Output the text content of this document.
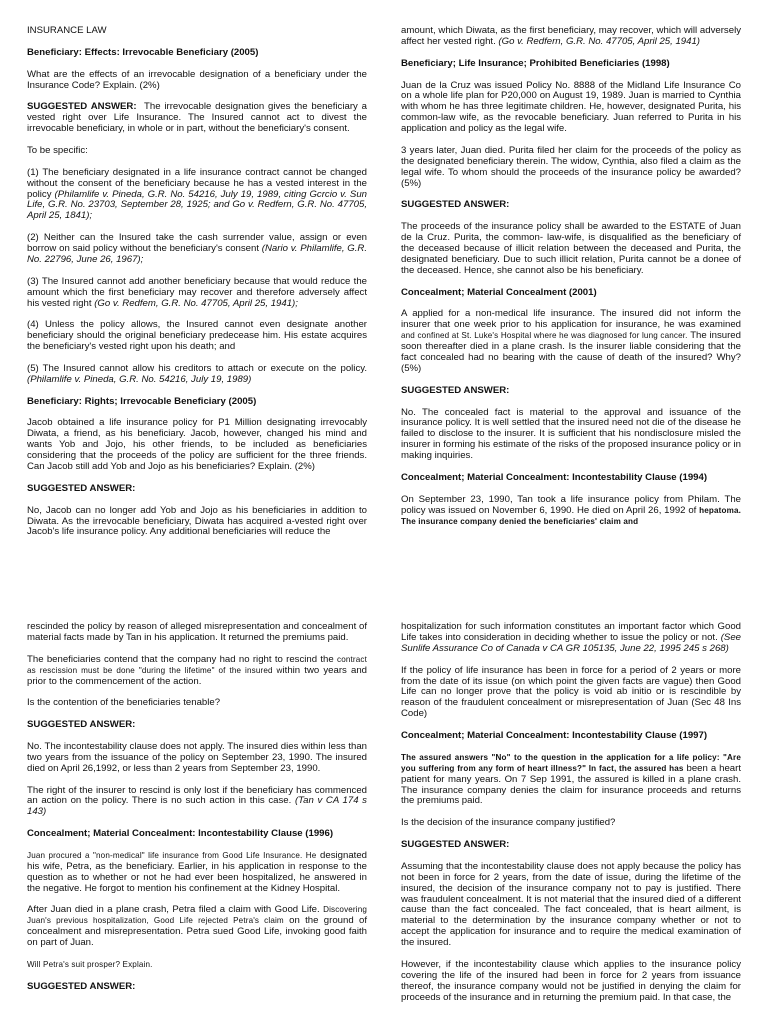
INSURANCE LAW

Beneficiary: Effects: Irrevocable Beneficiary (2005)

What are the effects of an irrevocable designation of a beneficiary under the Insurance Code? Explain. (2%)

SUGGESTED ANSWER: The irrevocable designation gives the beneficiary a vested right over Life Insurance. The Insured cannot act to divest the irrevocable beneficiary, in whole or in part, without the beneficiary's consent.

To be specific:

(1) The beneficiary designated in a life insurance contract cannot be changed without the consent of the beneficiary because he has a vested interest in the policy (Philamlife v. Pineda, G.R. No. 54216, July 19, 1989, citing Gcrcio v. Sun Life, G.R. No. 23703, September 28, 1925; and Go v. Redfern, G.R. No. 47705, April 25, 1841);

(2) Neither can the Insured take the cash surrender value, assign or even borrow on said policy without the beneficiary's consent (Nario v. Philamlife, G.R. No. 22796, June 26, 1967);

(3) The Insured cannot add another beneficiary because that would reduce the amount which the first beneficiary may recover and therefore adversely affect his vested right (Go v. Redfem, G.R. No. 47705, April 25, 1941);

(4) Unless the policy allows, the Insured cannot even designate another beneficiary should the original beneficiary predecease him. His estate acquires the beneficiary's vested right upon his death; and

(5) The Insured cannot allow his creditors to attach or execute on the policy. (Philamlife v. Pineda, G.R. No. 54216, July 19, 1989)

Beneficiary: Rights; Irrevocable Beneficiary (2005)

Jacob obtained a life insurance policy for P1 Million designating irrevocably Diwata, a friend, as his beneficiary. Jacob, however, changed his mind and wants Yob and Jojo, his other friends, to be included as beneficiaries considering that the proceeds of the policy are sufficient for the three friends. Can Jacob still add Yob and Jojo as his beneficiaries? Explain. (2%)

SUGGESTED ANSWER:

No, Jacob can no longer add Yob and Jojo as his beneficiaries in addition to Diwata. As the irrevocable beneficiary, Diwata has acquired a-vested right over Jacob's life insurance policy. Any additional beneficiaries will reduce the

amount, which Diwata, as the first beneficiary, may recover, which will adversely affect her vested right. (Go v. Redfern, G.R. No. 47705, April 25, 1941)

Beneficiary; Life Insurance; Prohibited Beneficiaries (1998)

Juan de la Cruz was issued Policy No. 8888 of the Midland Life Insurance Co on a whole life plan for P20,000 on August 19, 1989. Juan is married to Cynthia with whom he has three legitimate children. He, however, designated Purita, his common-law wife, as the revocable beneficiary. Juan referred to Purita in his application and policy as the legal wife.

3 years later, Juan died. Purita filed her claim for the proceeds of the policy as the designated beneficiary therein. The widow, Cynthia, also filed a claim as the legal wife. To whom should the proceeds of the insurance policy be awarded? (5%)

SUGGESTED ANSWER:

The proceeds of the insurance policy shall be awarded to the ESTATE of Juan de la Cruz. Purita, the common- law-wife, is disqualified as the beneficiary of the deceased because of illicit relation between the deceased and Purita, the designated beneficiary. Due to such illicit relation, Purita cannot be a donee of the deceased. Hence, she cannot also be his beneficiary.

Concealment; Material Concealment (2001)

A applied for a non-medical life insurance. The insured did not inform the insurer that one week prior to his application for insurance, he was examined and confined at St. Luke's Hospital where he was diagnosed for lung cancer. The insured soon thereafter died in a plane crash. Is the insurer liable considering that the fact concealed had no bearing with the cause of death of the insured? Why? (5%)

SUGGESTED ANSWER:

No. The concealed fact is material to the approval and issuance of the insurance policy. It is well settled that the insured need not die of the disease he failed to disclose to the insurer. It is sufficient that his nondisclosure misled the insurer in forming his estimate of the risks of the proposed insurance policy or in making inquiries.

Concealment; Material Concealment: Incontestability Clause (1994)

On September 23, 1990, Tan took a life insurance policy from Philam. The policy was issued on November 6, 1990. He died on April 26, 1992 of hepatoma. The insurance company denied the beneficiaries' claim and

rescinded the policy by reason of alleged misrepresentation and concealment of material facts made by Tan in his application. It returned the premiums paid.

The beneficiaries contend that the company had no right to rescind the contract as rescission must be done "during the lifetime" of the insured within two years and prior to the commencement of the action.

Is the contention of the beneficiaries tenable?

SUGGESTED ANSWER:

No. The incontestability clause does not apply. The insured dies within less than two years from the issuance of the policy on September 23, 1990. The insured died on April 26,1992, or less than 2 years from September 23, 1990.

The right of the insurer to rescind is only lost if the beneficiary has commenced an action on the policy. There is no such action in this case. (Tan v CA 174 s 143)

Concealment; Material Concealment: Incontestability Clause (1996)

Juan procured a "non-medical" life insurance from Good Life Insurance. He designated his wife, Petra, as the beneficiary. Earlier, in his application in response to the question as to whether or not he had ever been hospitalized, he answered in the negative. He forgot to mention his confinement at the Kidney Hospital.

After Juan died in a plane crash, Petra filed a claim with Good Life. Discovering Juan's previous hospitalization, Good Life rejected Petra's claim on the ground of concealment and misrepresentation. Petra sued Good Life, invoking good faith on part of Juan.

Will Petra's suit prosper? Explain.

SUGGESTED ANSWER:

hospitalization for such information constitutes an important factor which Good Life takes into consideration in deciding whether to issue the policy or not. (See Sunlife Assurance Co of Canada v CA GR 105135, June 22, 1995 245 s 268)

If the policy of life insurance has been in force for a period of 2 years or more from the date of its issue (on which point the given facts are vague) then Good Life can no longer prove that the policy is void ab initio or is rescindible by reason of the fraudulent concealment or misrepresentation of Juan (Sec 48 Ins Code)

Concealment; Material Concealment: Incontestability Clause (1997)

The assured answers "No" to the question in the application for a life policy: "Are you suffering from any form of heart illness?" In fact, the assured has been a heart patient for many years. On 7 Sep 1991, the assured is killed in a plane crash. The insurance company denies the claim for insurance proceeds and returns the premiums paid.

Is the decision of the insurance company justified?

SUGGESTED ANSWER:

Assuming that the incontestability clause does not apply because the policy has not been in force for 2 years, from the date of issue, during the lifetime of the insured, the decision of the insurance company not to pay is justified. There was fraudulent concealment. It is not material that the insured died of a different cause than the fact concealed. The fact concealed, that is heart ailment, is material to the determination by the insurance company whether or not to accept the application for insurance and to require the medical examination of the insured.

However, if the incontestability clause which applies to the insurance policy covering the life of the insured had been in force for 2 years from issuance thereof, the insurance company would not be justified in denying the claim for proceeds of the insurance and in returning the premium paid. In that case, the
